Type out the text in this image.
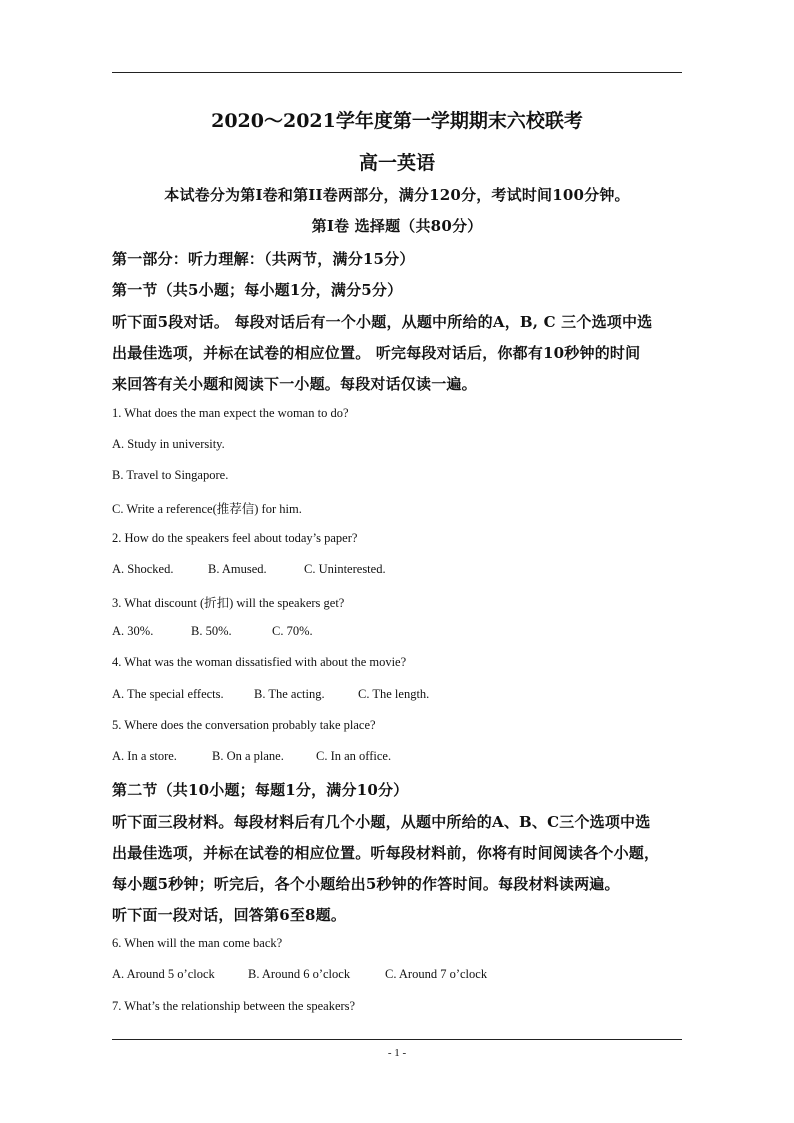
2020～2021学年度第一学期期末六校联考
高一英语
本试卷分为第I卷和第II卷两部分，满分120分，考试时间100分钟。
第I卷 选择题（共80分）
第一部分：听力理解：（共两节，满分15分）
第一节（共5小题；每小题1分，满分5分）
听下面5段对话。 每段对话后有一个小题，从题中所给的A，B, C 三个选项中选
出最佳选项，并标在试卷的相应位置。 听完每段对话后，你都有10秒钟的时间
来回答有关小题和阅读下一小题。每段对话仅读一遍。
1. What does the man expect the woman to do?
A. Study in university.
B. Travel to Singapore.
C. Write a reference(推荐信) for him.
2. How do the speakers feel about today’s paper?
A. Shocked.	B. Amused.	C. Uninterested.
3. What discount (折扣) will the speakers get?
A. 30%.	B. 50%.	C. 70%.
4. What was the woman dissatisfied with about the movie?
A. The special effects. B. The acting.	C. The length.
5. Where does the conversation probably take place?
A. In a store.	B. On a plane.	C. In an office.
第二节（共10小题；每题1分，满分10分）
听下面三段材料。每段材料后有几个小题，从题中所给的A、B、C三个选项中选
出最佳选项，并标在试卷的相应位置。听每段材料前，你将有时间阅读各个小题，
每小题5秒钟；听完后，各个小题给出5秒钟的作答时间。每段材料读两遍。
听下面一段对话，回答第6至8题。
6. When will the man come back?
A. Around 5 o’clock	B. Around 6 o’clock	C. Around 7 o’clock
7. What’s the relationship between the speakers?
- 1 -
